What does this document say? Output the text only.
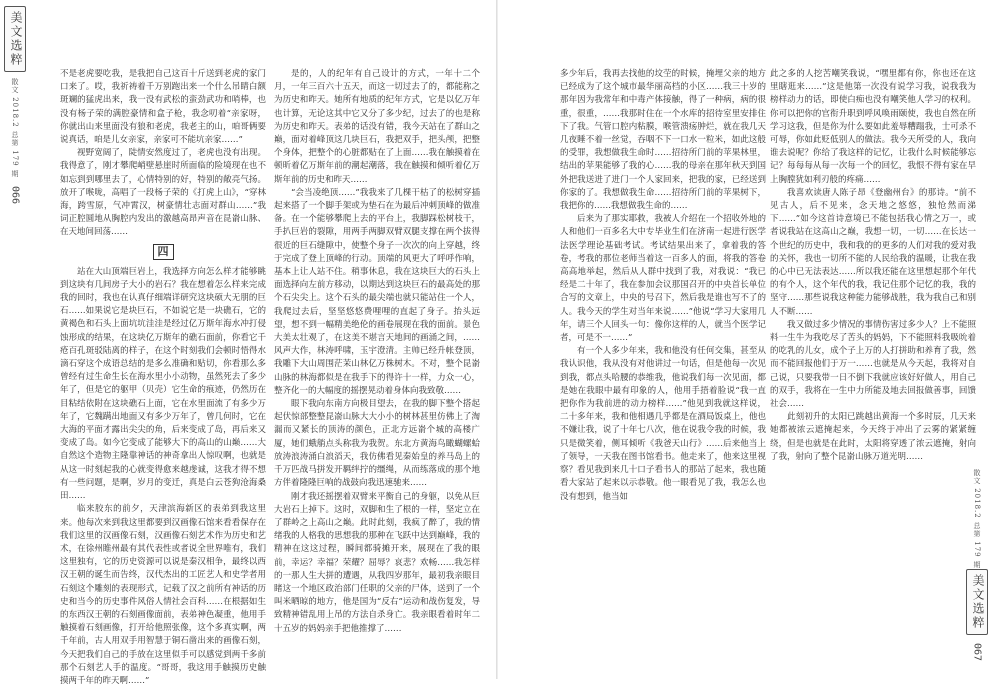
美文选粹
散文 2018.2 总第 179 期
066
散文 2018.2 总第 179 期
美文选粹
067

不是老虎要吃我，是我把自己这百十斤送到老虎的家门口来了。哎，我祈祷着千万别跑出来一个什么吊睛白额斑斓的猛虎出来，我一没有武松的蛮劲武功和哨棒，也没有杨子荣的满腔豪情和盒子枪，我念叨着“亲家呀，你就出山来里面没有狼和老虎，我老主的山，咱哥俩要说真话，咱是儿女亲家，亲家可不能坑亲家……”

视野宽阔了，陡情安然度过了，老虎也没有出现。我得意了，刚才攀爬峭壁悬崖时所面临的险境现在也不如忘到到哪里去了，心情特别的好，特别的敞亮气扬。放开了喉咙，高唱了一段杨子荣的《打虎上山》，“穿林海，跨雪原，气冲霄汉，树豪情壮志面对群山……”我词正腔圆地从胸腔内发出的激越高昂声音在昆嵛山脉、在天地间回荡……

四

站在大山顶端巨岩上，我选择方向怎么样才能够眺到这块有几间房子大小的岩石？我在想着怎么样来完成我的回时，我也在认真仔细端详研究这块硕大无朋的巨石……如果说它是块巨石，不如说它是一块礁石，它的黄褐色和石头上面坑坑洼洼是经过亿万斯年海水冲打侵蚀形成的结果，在这块亿万斯年的礁石面前，你看它千疮百孔斑驳陆离的样子，在这个时刻我们会顿时悟得水滴石穿这个成语总结的是多么准确和贴切，你看那么多曾经有过生命生长在海水里小小动物，虽然死去了多少年了，但是它的躯甲（贝壳）它生命的痕迹，仍然历在目粘结依附在这块礁石上面，它在水里面流了有多少万年了，它魏蹒出地面又有多少万年了，曾几何时，它在大海的平面才露出尖尖的角，后来变成了岛，再后来又变成了岛。如今它变成了能够大下的高山的山巅……大自然这个造物主隆靠神话的神奇拿出人惊叹啊，也就是从这一时刻起我的心就变得愈来越虔诚，这我才得不想有一些问题，是啊，岁月的变迁，真是白云苍狗沧海桑田……

临来胶东的前夕，天津滨海新区的表弟到我这里来。他每次来到我这里都要到汉画像石馆来看看保存在我们这里的汉画像石刻，汉画像石刻艺术作为历史和艺术，在徐州睢州最有其代表性或者说全世界唯有，我们这里独有，它的历史资源可以说是秦汉相争，最终以西汉王朝的诞生而告终，汉代杰出的工匠艺人和史学者用石刻这个雕刻的表现形式，记载了汉之前所有神话的历史和当今的历史事件风俗人情社会百科……在根据如生的东西汉王朝的石刻画像面前，表弟神色凝重，他用手触摸着石刻画像，打开给他照张像，这个多真实啊，两千年前，古人用双手用智慧于铜石凿出来的画像石刻，今天把我们自己的手放在这里似手可以感觉到两千多前那个石刻艺人手的温度。“哥哥，我这用手触摸历史触摸两千年的昨天啊……”

是的，人的纪年有自己设计的方式，一年十二个月，一年三百六十五天，而这一切过去了的，都能称之为历史和昨天。她所有地质的纪年方式，它是以亿万年也计算，无论这其中它又分了多少纪，过去了的也是称为历史和昨天。表弟的话没有错，我今天站在了群山之巅，面对着峰顶这几块巨石，我把双手，把头颅，把整个身体，把整个的心脏都贴在了上面……我在触摸着在顿昕着亿万斯年前的潮起潮落，我在触摸和倾听着亿万斯年前的历史和昨天……

“会当凌绝顶……”我我来了几棵干枯了的松树穿插起来搭了一个脚手架或为垫石在为最后冲刺顶峰的做准备。在一个能够攀爬上去的平台上，我脚踩松树枝干，手扒巨岩的裂隙，用两手两脚双臂双腿支撑在两个拔得很近的巨石缝隙中，使整个身子一次次的向上穿越，终于完成了登上顶峰的行动。顶端的风更大了呼呼作响，基本上让人站不住。稍事休息，我在这块巨大的石头上面选择向左前方移动，以期达到这块巨石的最高处的那个石尖尖上。这个石头的最尖端也就只能站住一个人，我爬过去后，坚坚悠悠费哩哩的直起了身子。抬头远望，想不到一幅精美绝伦的画卷展现在我的面前。景色大美太壮观了，在这美不堪言天地间的画涌之间，……风声大作，林涛呼啸，玉宇澄清。主帅已经升帐登顶，我雕下大山周围茫茉山林亿万株树木。不对，整个昆嵛山脉的林海都似是在我手下的得许十一样，力众一心，整齐化一的大幅度的摇摆晃动着身体向我致敬……

眼下我向东南方向极目望去，在我的脚下整个搭起起伏惊部整整昆嵛山脉大大小小的树林甚里仿佛上了淘漏而又紧长的顶涛的颜色，正北方远嵛个城的高楼广厦，她们蛾艄点头称我为我贺。东北方黄海鸟瞰蝴螺蛤放涛浪涛涌白浪滔天，我仿佛看见秦始皇的养马岛上的千万匹战马拼发开羁绊拧的缰绳，从而练落成的那个地方伴着隆隆巨响的战鼓向我迅速驰来……

刚才我还摇摆着双臂来平衡自己的身躯，以免从巨大岩石上掉下。这时，双脚和生了根的一样，坚定立在了群岭之上高山之巅。此时此刻，我疯了醉了，我的情绪我的人格我的思想我的那种在飞跃中达到巅峰，我的精神在这这过程，瞬间都骑摊开来，展现在了我的眼前，幸运？幸福？荣耀？屈辱？哀悲？欢畅……我怎样的一那人生大拼的遭遇，从我四岁那年，最初我亲眼目睹这一个地区政治部门任职的父亲的尸体，送到了一个叫米晒晾的地方，他是国为“反右”运动和战伤复发，导致精神错乱用上吊的方法自杀身亡。我亲眼看着时年二十五岁的妈妈亲手把他推撑了……

多少年后，我再去找他的坟茔的时候，掩埋父亲的地方已经成为了这个城市最华丽高档的小区……我三十岁的那年因为我常年和中毒产体接触，得了一种病，病的很重，很重，……我那时住在一个水库的招待室里安排住下了我。气管口腔内粘膜，喉管溃疡肿烂，就在我几天几夜睡不着一丝觉，吞咽不下一口水一粒米，如此这般的受罪，我想做我生命时……招待所门前的苹果林里，结出的苹果能够了我的心……我的母亲在那年秋天到国外把我送进了进门一个人家回来，把我的家，已经送到你家的了。我想做我生命……招待所门前的苹果树下，我把你的……我想做我生命的……

后来为了那实耶救，我被人介绍在一个招收外地的人和他们一百多名大中专毕业生们在济南一起进行医学法医学理论基础考试。考试结果出来了，拿着我的答卷，考我的那位老师当着这一百多人的面，将我的答卷高高地举起，然后从人群中找到了我，对我说：“我已经是二十年了，我在参加会议那国召开的中央首长单位合写的文章上，中央的号召下，然后我是谁也写不了的人。我今天的学生对当年来说……”他说“学习大家用几年，请三个人回头一句：像你这样的人，就当个医学记者，可是不一……”

有一个人多少年来，我和他没有任何交集，甚至从我认识他，我从没有对他讲过一句话，但是他每一次见到我，都点头哈腰的恭维我，他说我们每一次见面，都是她在我眼中最有印象的人，他用手捂着脸说“我一直把你作为我前进的动力榜样……”他见到我就这样说，二十多年来，我和他相遇几乎都是在酒局饭桌上，他也不嫌让我，说了十年七八次，他在说我令我的时候，我只是微笑着，侧耳倾听《我爸天山行》……后来他当上了领导，一天我在图书馆看书。他走来了，他来这里视察？看见我到来几十口子看书人的那站了起来，我也随看大家站了起来以示恭敬。他一眼看见了我，我怎么也没有想到，他当如

此之多的人挖苦嘲笑我说，“嘿里都有你，你也还在这里瞎逛来……”这是他第一次没有说学习我，说我我为榜样动力的话，即使白痴也没有嘲笑他人学习的权利。你可以把你的官衔升职到呼风唤雨颐使，我也自然在所学习这我，但是你为什么要如此羞辱糟蹋我，士可杀不可辱，你如此贬低别人的做法。我今天所受的人，我向谁去说呢？你给了我这样的记忆，让我什么时候能够忘记？每每每从每一次每一个的回忆，我恨不得有家在早上胸膛犹如利刃般的疼痛……

我喜欢读唐人陈子昂《登幽州台》的那诗。“前不见古人，后不见来，念天地之悠悠，独怆然而涕下……”如今这首诗意境已不能包括我心情之万一，或者说我站在这高山之巅，我想一切，一切……在长达一个世纪的历史中，我和我的的更多的人们对我的爱对我的关怀，我也一切所不能的人民给我的温暖，让我在我的心中已无法表达……所以我还能在这里想起那个年代的有个人，这个年代的我，我记住那个记忆的我，我的坚守……那些说我这种能力能够战胜，我为我自己和别人不断……

我又做过多少情况的事情伤害过多少人？上不能照料一生牛为我吃尽了苦头的妈妈，下不能照料我吸吮着的吃乳的儿女，成个子上万的人打拼助和养育了我，然而不能回报他们于万一……也就是从今天起，我将对自己说，只要我带一日不倒下我就应该好好做人，用自己的双手，我将在一生中力所能及地去回报做善事，回馈社会……

此刻初升的太阳已跳越出黄海一个多时辰，几天来她都被浓云遮掩起来，今天终于冲出了云雾的紧紧缠绕，但是也就是在此时，太阳将穿透了浓云遮掩，射向了我，射向了整个昆嵛山脉万道光明……
